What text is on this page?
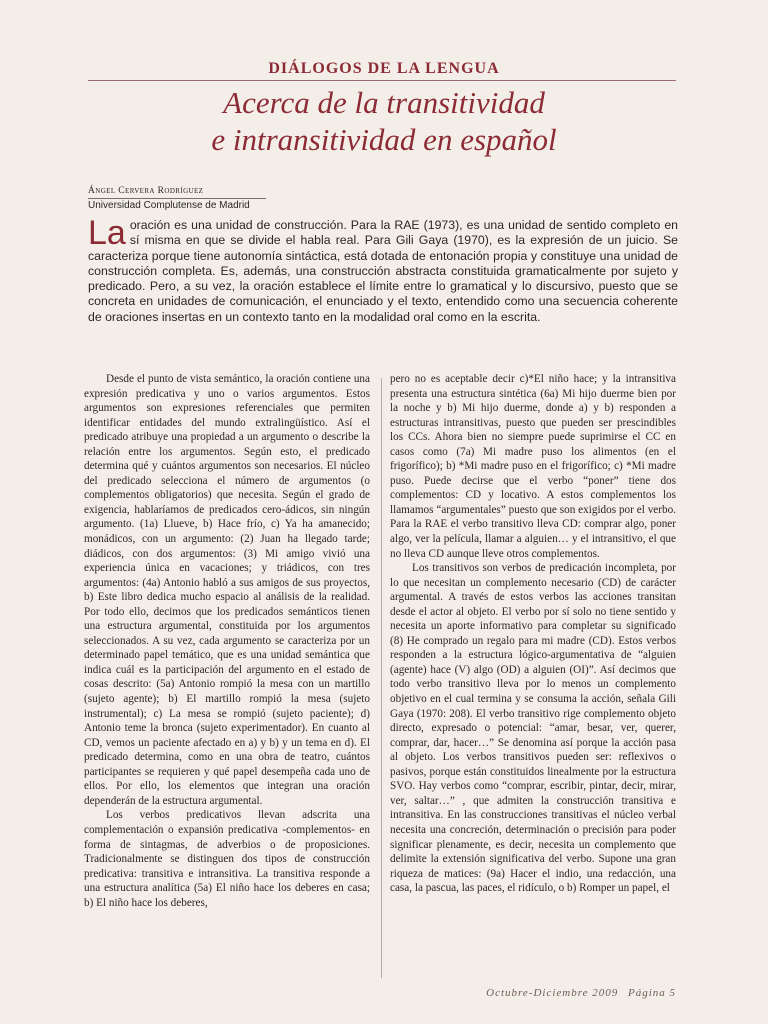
DIÁLOGOS DE LA LENGUA
Acerca de la transitividad
e intransitividad en español
Ángel Cervera Rodríguez
Universidad Complutense de Madrid
La oración es una unidad de construcción. Para la RAE (1973), es una unidad de sentido completo en sí misma en que se divide el habla real. Para Gili Gaya (1970), es la expresión de un juicio. Se caracteriza porque tiene autonomía sintáctica, está dotada de entonación propia y constituye una unidad de construcción completa. Es, además, una construcción abstracta constituida gramaticalmente por sujeto y predicado. Pero, a su vez, la oración establece el límite entre lo gramatical y lo discursivo, puesto que se concreta en unidades de comunicación, el enunciado y el texto, entendido como una secuencia coherente de oraciones insertas en un contexto tanto en la modalidad oral como en la escrita.

Desde el punto de vista semántico, la oración contiene una expresión predicativa y uno o varios argumentos. Estos argumentos son expresiones referenciales que permiten identificar entidades del mundo extralingüístico. Así el predicado atribuye una propiedad a un argumento o describe la relación entre los argumentos. Según esto, el predicado determina qué y cuántos argumentos son necesarios. El núcleo del predicado selecciona el número de argumentos (o complementos obligatorios) que necesita. Según el grado de exigencia, hablaríamos de predicados cero-ádicos, sin ningún argumento. (1a) Llueve, b) Hace frío, c) Ya ha amanecido; monádicos, con un argumento: (2) Juan ha llegado tarde; diádicos, con dos argumentos: (3) Mi amigo vivió una experiencia única en vacaciones; y triádicos, con tres argumentos: (4a) Antonio habló a sus amigos de sus proyectos, b) Este libro dedica mucho espacio al análisis de la realidad. Por todo ello, decimos que los predicados semánticos tienen una estructura argumental, constituida por los argumentos seleccionados. A su vez, cada argumento se caracteriza por un determinado papel temático, que es una unidad semántica que indica cuál es la participación del argumento en el estado de cosas descrito: (5a) Antonio rompió la mesa con un martillo (sujeto agente); b) El martillo rompió la mesa (sujeto instrumental); c) La mesa se rompió (sujeto paciente); d) Antonio teme la bronca (sujeto experimentador). En cuanto al CD, vemos un paciente afectado en a) y b) y un tema en d). El predicado determina, como en una obra de teatro, cuántos participantes se requieren y qué papel desempeña cada uno de ellos. Por ello, los elementos que integran una oración dependerán de la estructura argumental.

Los verbos predicativos llevan adscrita una complementación o expansión predicativa -complementos- en forma de sintagmas, de adverbios o de proposiciones. Tradicionalmente se distinguen dos tipos de construcción predicativa: transitiva e intransitiva. La transitiva responde a una estructura analítica (5a) El niño hace los deberes en casa; b) El niño hace los deberes,

pero no es aceptable decir c)*El niño hace; y la intransitiva presenta una estructura sintética (6a) Mi hijo duerme bien por la noche y b) Mi hijo duerme, donde a) y b) responden a estructuras intransitivas, puesto que pueden ser prescindibles los CCs. Ahora bien no siempre puede suprimirse el CC en casos como (7a) Mi madre puso los alimentos (en el frigorífico); b) *Mi madre puso en el frigorífico; c) *Mi madre puso. Puede decirse que el verbo “poner” tiene dos complementos: CD y locativo. A estos complementos los llamamos “argumentales” puesto que son exigidos por el verbo. Para la RAE el verbo transitivo lleva CD: comprar algo, poner algo, ver la película, llamar a alguien… y el intransitivo, el que no lleva CD aunque lleve otros complementos.

Los transitivos son verbos de predicación incompleta, por lo que necesitan un complemento necesario (CD) de carácter argumental. A través de estos verbos las acciones transitan desde el actor al objeto. El verbo por sí solo no tiene sentido y necesita un aporte informativo para completar su significado (8) He comprado un regalo para mi madre (CD). Estos verbos responden a la estructura lógico-argumentativa de “alguien (agente) hace (V) algo (OD) a alguien (OI)”. Así decimos que todo verbo transitivo lleva por lo menos un complemento objetivo en el cual termina y se consuma la acción, señala Gili Gaya (1970: 208). El verbo transitivo rige complemento objeto directo, expresado o potencial: “amar, besar, ver, querer, comprar, dar, hacer…” Se denomina así porque la acción pasa al objeto. Los verbos transitivos pueden ser: reflexivos o pasivos, porque están constituidos linealmente por la estructura SVO. Hay verbos como “comprar, escribir, pintar, decir, mirar, ver, saltar…” , que admiten la construcción transitiva e intransitiva. En las construcciones transitivas el núcleo verbal necesita una concreción, determinación o precisión para poder significar plenamente, es decir, necesita un complemento que delimite la extensión significativa del verbo. Supone una gran riqueza de matices: (9a) Hacer el indio, una redacción, una casa, la pascua, las paces, el ridículo, o b) Romper un papel, el

Octubre-Diciembre 2009 Página 5
